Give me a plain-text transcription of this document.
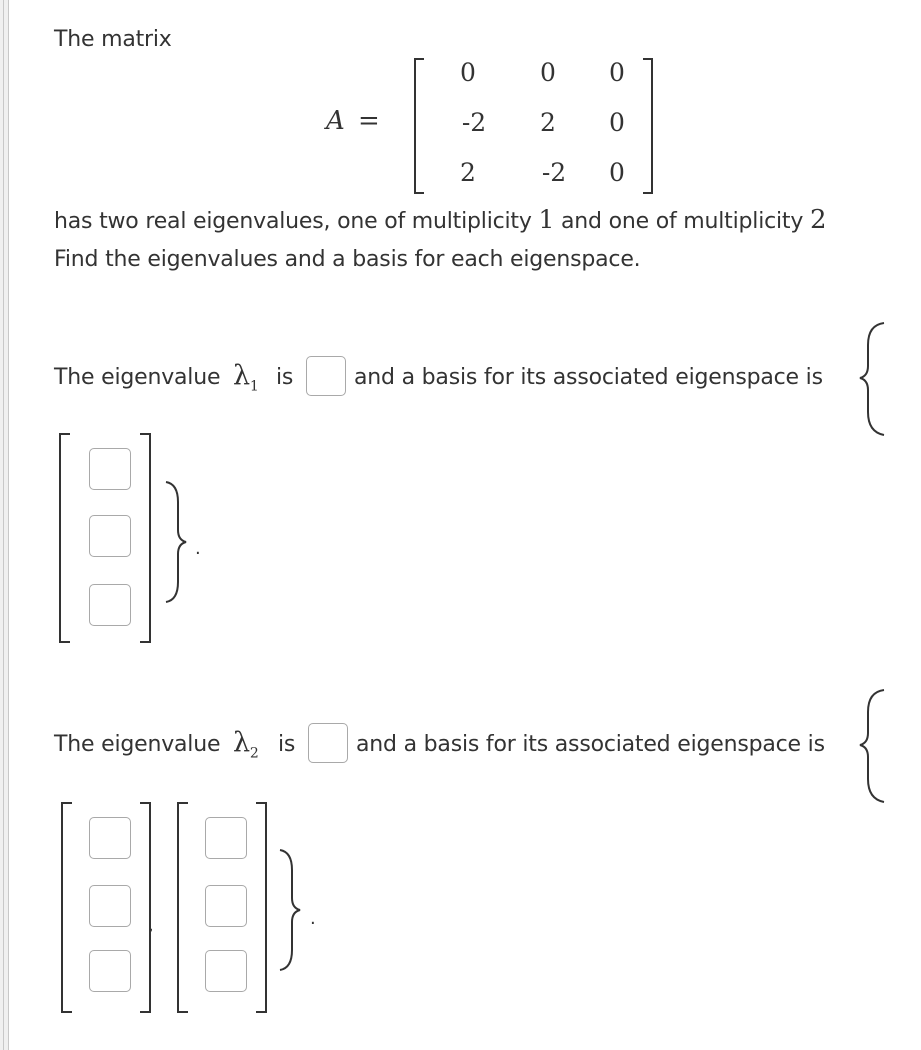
The matrix
A =
0	0	0
-2	2	0
2	-2	0
has two real eigenvalues, one of multiplicity 1 and one of multiplicity 2
Find the eigenvalues and a basis for each eigenspace.
The eigenvalue $\lambda_1$ is	and a basis for its associated eigenspace is
.
The eigenvalue $\lambda_2$ is	and a basis for its associated eigenspace is
,	.
